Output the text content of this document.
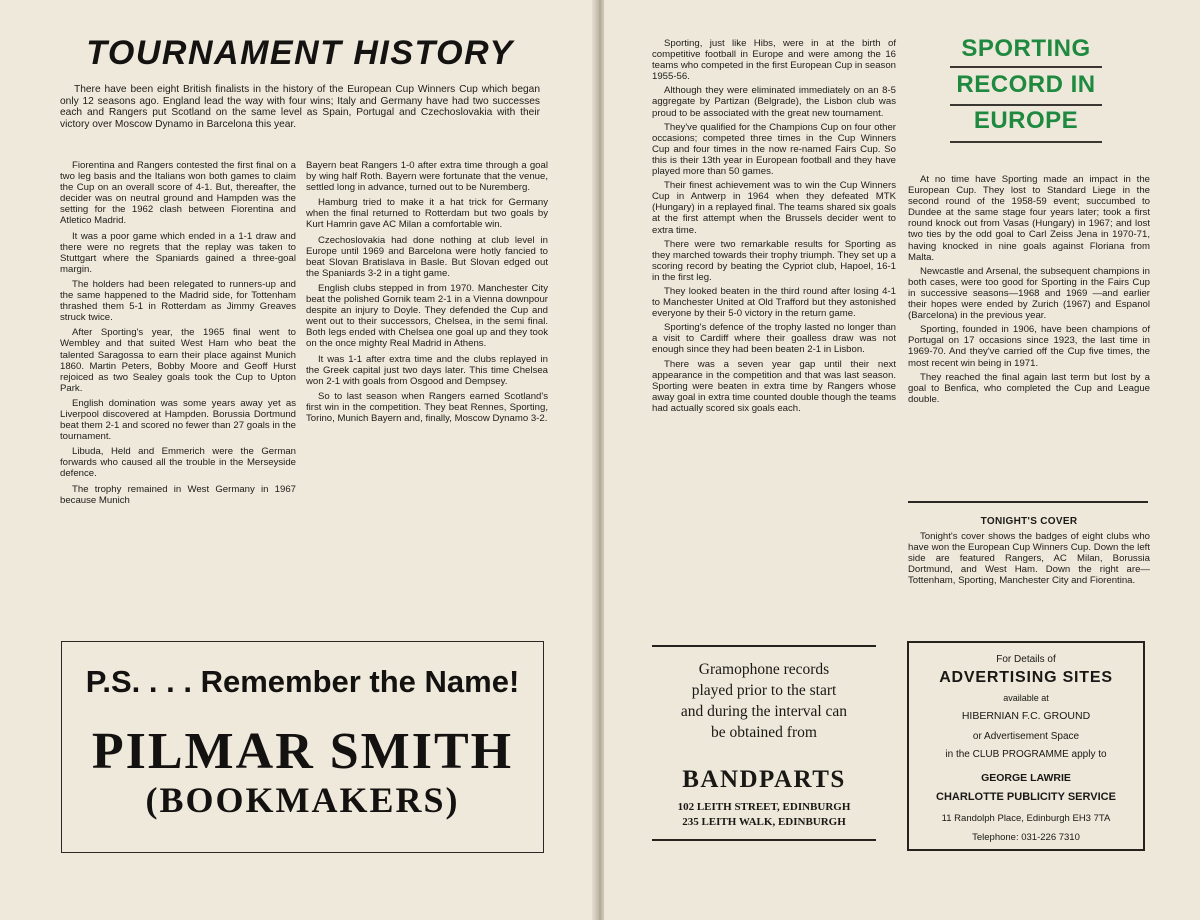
TOURNAMENT HISTORY

There have been eight British finalists in the history of the European Cup Winners Cup which began only 12 seasons ago. England lead the way with four wins; Italy and Germany have had two successes each and Rangers put Scotland on the same level as Spain, Portugal and Czechoslovakia with their victory over Moscow Dynamo in Barcelona this year.

Fiorentina and Rangers contested the first final on a two leg basis and the Italians won both games to claim the Cup on an overall score of 4-1. But, thereafter, the decider was on neutral ground and Hampden was the setting for the 1962 clash between Fiorentina and Atletico Madrid.

It was a poor game which ended in a 1-1 draw and there were no regrets that the replay was taken to Stuttgart where the Spaniards gained a three-goal margin.

The holders had been relegated to runners-up and the same happened to the Madrid side, for Tottenham thrashed them 5-1 in Rotterdam as Jimmy Greaves struck twice.

After Sporting's year, the 1965 final went to Wembley and that suited West Ham who beat the talented Saragossa to earn their place against Munich 1860. Martin Peters, Bobby Moore and Geoff Hurst rejoiced as two Sealey goals took the Cup to Upton Park.

English domination was some years away yet as Liverpool discovered at Hampden. Borussia Dortmund beat them 2-1 and scored no fewer than 27 goals in the tournament.

Libuda, Held and Emmerich were the German forwards who caused all the trouble in the Merseyside defence.

The trophy remained in West Germany in 1967 because Munich

Bayern beat Rangers 1-0 after extra time through a goal by wing half Roth. Bayern were fortunate that the venue, settled long in advance, turned out to be Nuremberg.

Hamburg tried to make it a hat trick for Germany when the final returned to Rotterdam but two goals by Kurt Hamrin gave AC Milan a comfortable win.

Czechoslovakia had done nothing at club level in Europe until 1969 and Barcelona were hotly fancied to beat Slovan Bratislava in Basle. But Slovan edged out the Spaniards 3-2 in a tight game.

English clubs stepped in from 1970. Manchester City beat the polished Gornik team 2-1 in a Vienna downpour despite an injury to Doyle. They defended the Cup and went out to their successors, Chelsea, in the semi final. Both legs ended with Chelsea one goal up and they took on the once mighty Real Madrid in Athens.

It was 1-1 after extra time and the clubs replayed in the Greek capital just two days later. This time Chelsea won 2-1 with goals from Osgood and Dempsey.

So to last season when Rangers earned Scotland's first win in the competition. They beat Rennes, Sporting, Torino, Munich Bayern and, finally, Moscow Dynamo 3-2.

P.S. . . . Remember the Name!
PILMAR SMITH
(BOOKMAKERS)

Sporting, just like Hibs, were in at the birth of competitive football in Europe and were among the 16 teams who competed in the first European Cup in season 1955-56.

Although they were eliminated immediately on an 8-5 aggregate by Partizan (Belgrade), the Lisbon club was proud to be associated with the great new tournament.

They've qualified for the Champions Cup on four other occasions; competed three times in the Cup Winners Cup and four times in the now re-named Fairs Cup. So this is their 13th year in European football and they have played more than 50 games.

Their finest achievement was to win the Cup Winners Cup in Antwerp in 1964 when they defeated MTK (Hungary) in a replayed final. The teams shared six goals at the first attempt when the Brussels decider went to extra time.

There were two remarkable results for Sporting as they marched towards their trophy triumph. They set up a scoring record by beating the Cypriot club, Hapoel, 16-1 in the first leg.

They looked beaten in the third round after losing 4-1 to Manchester United at Old Trafford but they astonished everyone by their 5-0 victory in the return game.

Sporting's defence of the trophy lasted no longer than a visit to Cardiff where their goalless draw was not enough since they had been beaten 2-1 in Lisbon.

There was a seven year gap until their next appearance in the competition and that was last season. Sporting were beaten in extra time by Rangers whose away goal in extra time counted double though the teams had actually scored six goals each.

SPORTING
RECORD IN
EUROPE

At no time have Sporting made an impact in the European Cup. They lost to Standard Liege in the second round of the 1958-59 event; succumbed to Dundee at the same stage four years later; took a first round knock out from Vasas (Hungary) in 1967; and lost two ties by the odd goal to Carl Zeiss Jena in 1970-71, having knocked in nine goals against Floriana from Malta.

Newcastle and Arsenal, the subsequent champions in both cases, were too good for Sporting in the Fairs Cup in successive seasons—1968 and 1969 —and earlier their hopes were ended by Zurich (1967) and Espanol (Barcelona) in the previous year.

Sporting, founded in 1906, have been champions of Portugal on 17 occasions since 1923, the last time in 1969-70. And they've carried off the Cup five times, the most recent win being in 1971.

They reached the final again last term but lost by a goal to Benfica, who completed the Cup and League double.

TONIGHT'S COVER

Tonight's cover shows the badges of eight clubs who have won the European Cup Winners Cup. Down the left side are featured Rangers, AC Milan, Borussia Dortmund, and West Ham. Down the right are—Tottenham, Sporting, Manchester City and Fiorentina.

Gramophone records
played prior to the start
and during the interval can
be obtained from
BANDPARTS
102 LEITH STREET, EDINBURGH
235 LEITH WALK, EDINBURGH
For Details of
ADVERTISING SITES
available at
HIBERNIAN F.C. GROUND
or Advertisement Space
in the CLUB PROGRAMME apply to
GEORGE LAWRIE
CHARLOTTE PUBLICITY SERVICE
11 Randolph Place, Edinburgh EH3 7TA
Telephone: 031-226 7310
